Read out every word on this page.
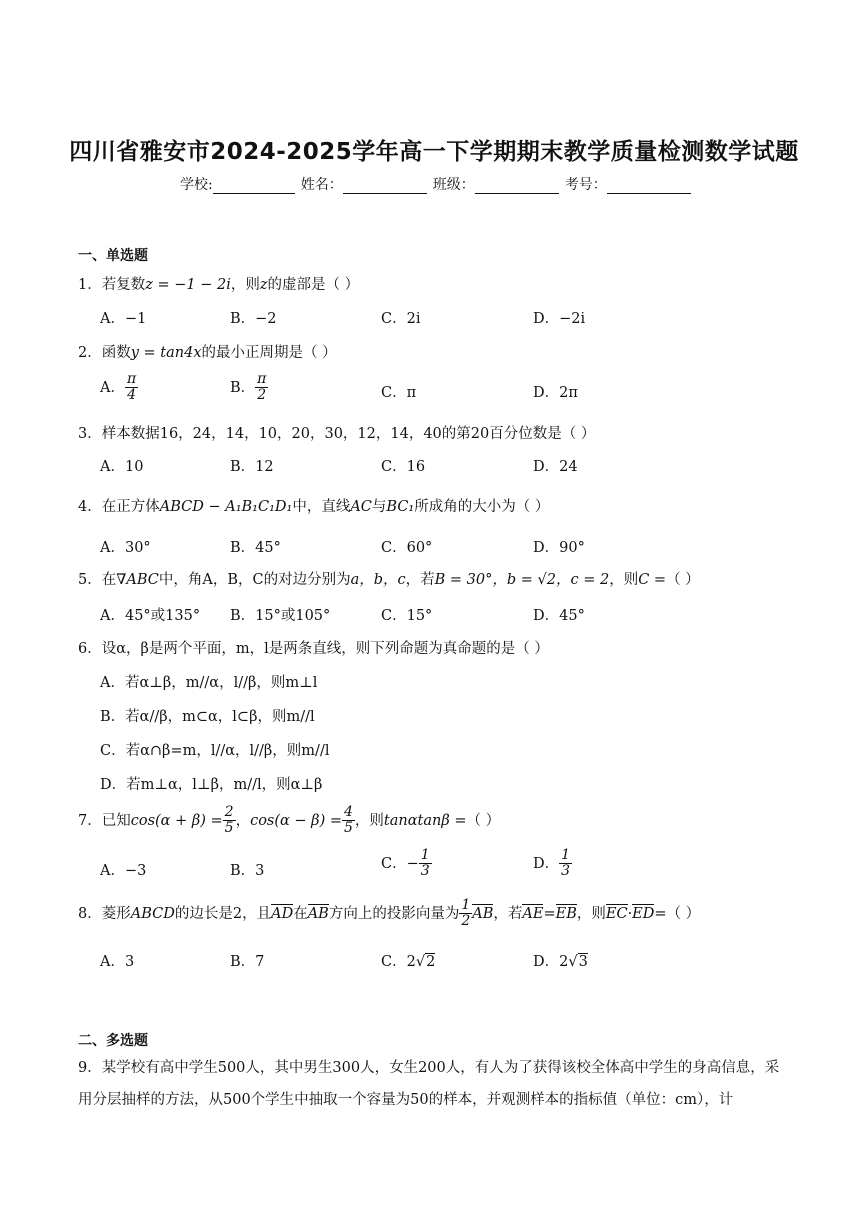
四川省雅安市2024-2025学年高一下学期期末教学质量检测数学试题
学校:	姓名：	班级：	考号：
一、单选题
1．若复数z = −1 − 2i，则z的虚部是（ ）
A．−1	B．−2	C．2i	D．−2i
2．函数y = tan4x的最小正周期是（ ）
A． $\frac{\pi}{4}$	B． $\frac{\pi}{2}$	C．π	D．2π
3．样本数据16，24，14，10，20，30，12，14，40的第20百分位数是（ ）
A．10	B．12	C．16	D．24
4．在正方体ABCD − A₁B₁C₁D₁中，直线AC与BC₁所成角的大小为（ ）
A．30°	B．45°	C．60°	D．90°
5．在∇ABC中，角A，B，C的对边分别为a，b，c，若B = 30°，b = √2，c = 2，则C =（ ）
A．45°或135° B．15°或105°	C．15°	D．45°
6．设α，β是两个平面，m，l是两条直线，则下列命题为真命题的是（ ）
A．若α⊥β，m//α，l//β，则m⊥l
B．若α//β，m⊂α，l⊂β，则m//l
C．若α∩β=m，l//α，l//β，则m//l
D．若m⊥α，l⊥β，m//l，则α⊥β
7．已知$\cos(\alpha + \beta) = \frac{2}{5}$ ，$\cos(\alpha - \beta) = \frac{4}{5}$ ，则tanαtanβ =（ ）
A．−3	B．3	C．− $\frac{1}{3}$	D． $\frac{1}{3}$
8．菱形ABCD的边长是2，且AD在AB方向上的投影向量为 $\frac{1}{2}$ AB，若AE=EB，则EC·ED=（ ）
A．3	B．7	C．2√2	D．2√3
二、多选题
9．某学校有高中学生500人，其中男生300人，女生200人，有人为了获得该校全体高中学生的身高信息，采用分层抽样的方法，从500个学生中抽取一个容量为50的样本，并观测样本的指标值（单位：cm），计
